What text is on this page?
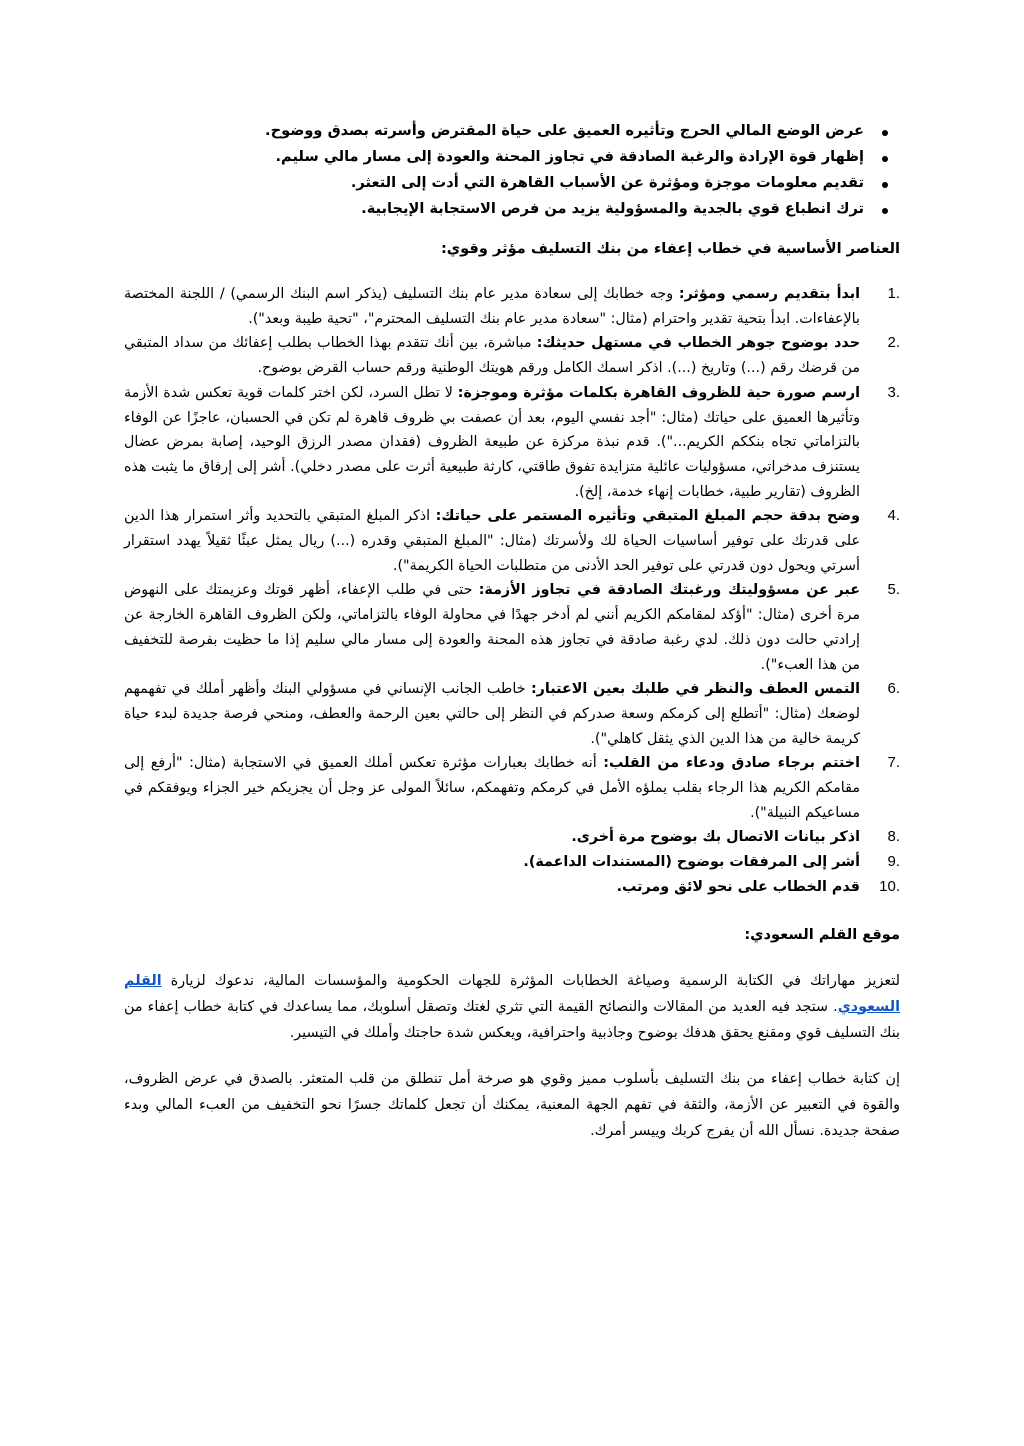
عرض الوضع المالي الحرج وتأثيره العميق على حياة المقترض وأسرته بصدق ووضوح.
إظهار قوة الإرادة والرغبة الصادقة في تجاوز المحنة والعودة إلى مسار مالي سليم.
تقديم معلومات موجزة ومؤثرة عن الأسباب القاهرة التي أدت إلى التعثر.
ترك انطباع قوي بالجدية والمسؤولية يزيد من فرص الاستجابة الإيجابية.
العناصر الأساسية في خطاب إعفاء من بنك التسليف مؤثر وقوي:
1.
ابدأ بتقديم رسمي ومؤثر: وجه خطابك إلى سعادة مدير عام بنك التسليف (يذكر اسم البنك الرسمي) / اللجنة المختصة بالإعفاءات. ابدأ بتحية تقدير واحترام (مثال: "سعادة مدير عام بنك التسليف المحترم"، "تحية طيبة وبعد").
2.
حدد بوضوح جوهر الخطاب في مستهل حديثك: مباشرة، بين أنك تتقدم بهذا الخطاب بطلب إعفائك من سداد المتبقي من قرضك رقم (...) وتاريخ (...). اذكر اسمك الكامل ورقم هويتك الوطنية ورقم حساب القرض بوضوح.
3.
ارسم صورة حية للظروف القاهرة بكلمات مؤثرة وموجزة: لا تطل السرد، لكن اختر كلمات قوية تعكس شدة الأزمة وتأثيرها العميق على حياتك (مثال: "أجد نفسي اليوم، بعد أن عصفت بي ظروف قاهرة لم تكن في الحسبان، عاجزًا عن الوفاء بالتزاماتي تجاه بنككم الكريم..."). قدم نبذة مركزة عن طبيعة الظروف (فقدان مصدر الرزق الوحيد، إصابة بمرض عضال يستنزف مدخراتي، مسؤوليات عائلية متزايدة تفوق طاقتي، كارثة طبيعية أثرت على مصدر دخلي). أشر إلى إرفاق ما يثبت هذه الظروف (تقارير طبية، خطابات إنهاء خدمة، إلخ).
4.
وضح بدقة حجم المبلغ المتبقي وتأثيره المستمر على حياتك: اذكر المبلغ المتبقي بالتحديد وأثر استمرار هذا الدين على قدرتك على توفير أساسيات الحياة لك ولأسرتك (مثال: "المبلغ المتبقي وقدره (...) ريال يمثل عبئًا ثقيلاً يهدد استقرار أسرتي ويحول دون قدرتي على توفير الحد الأدنى من متطلبات الحياة الكريمة").
5.
عبر عن مسؤوليتك ورغبتك الصادقة في تجاوز الأزمة: حتى في طلب الإعفاء، أظهر قوتك وعزيمتك على النهوض مرة أخرى (مثال: "أؤكد لمقامكم الكريم أنني لم أدخر جهدًا في محاولة الوفاء بالتزاماتي، ولكن الظروف القاهرة الخارجة عن إرادتي حالت دون ذلك. لدي رغبة صادقة في تجاوز هذه المحنة والعودة إلى مسار مالي سليم إذا ما حظيت بفرصة للتخفيف من هذا العبء").
6.
التمس العطف والنظر في طلبك بعين الاعتبار: خاطب الجانب الإنساني في مسؤولي البنك وأظهر أملك في تفهمهم لوضعك (مثال: "أتطلع إلى كرمكم وسعة صدركم في النظر إلى حالتي بعين الرحمة والعطف، ومنحي فرصة جديدة لبدء حياة كريمة خالية من هذا الدين الذي يثقل كاهلي").
7.
اختتم برجاء صادق ودعاء من القلب: أنه خطابك بعبارات مؤثرة تعكس أملك العميق في الاستجابة (مثال: "أرفع إلى مقامكم الكريم هذا الرجاء بقلب يملؤه الأمل في كرمكم وتفهمكم، سائلاً المولى عز وجل أن يجزيكم خير الجزاء ويوفقكم في مساعيكم النبيلة").
8.
اذكر بيانات الاتصال بك بوضوح مرة أخرى.
9.
أشر إلى المرفقات بوضوح (المستندات الداعمة).
10.
قدم الخطاب على نحو لائق ومرتب.
موقع القلم السعودي:

لتعزيز مهاراتك في الكتابة الرسمية وصياغة الخطابات المؤثرة للجهات الحكومية والمؤسسات المالية، ندعوك لزيارة القلم السعودي. ستجد فيه العديد من المقالات والنصائح القيمة التي تثري لغتك وتصقل أسلوبك، مما يساعدك في كتابة خطاب إعفاء من بنك التسليف قوي ومقنع يحقق هدفك بوضوح وجاذبية واحترافية، ويعكس شدة حاجتك وأملك في التيسير.

إن كتابة خطاب إعفاء من بنك التسليف بأسلوب مميز وقوي هو صرخة أمل تنطلق من قلب المتعثر. بالصدق في عرض الظروف، والقوة في التعبير عن الأزمة، والثقة في تفهم الجهة المعنية، يمكنك أن تجعل كلماتك جسرًا نحو التخفيف من العبء المالي وبدء صفحة جديدة. نسأل الله أن يفرج كربك وييسر أمرك.
